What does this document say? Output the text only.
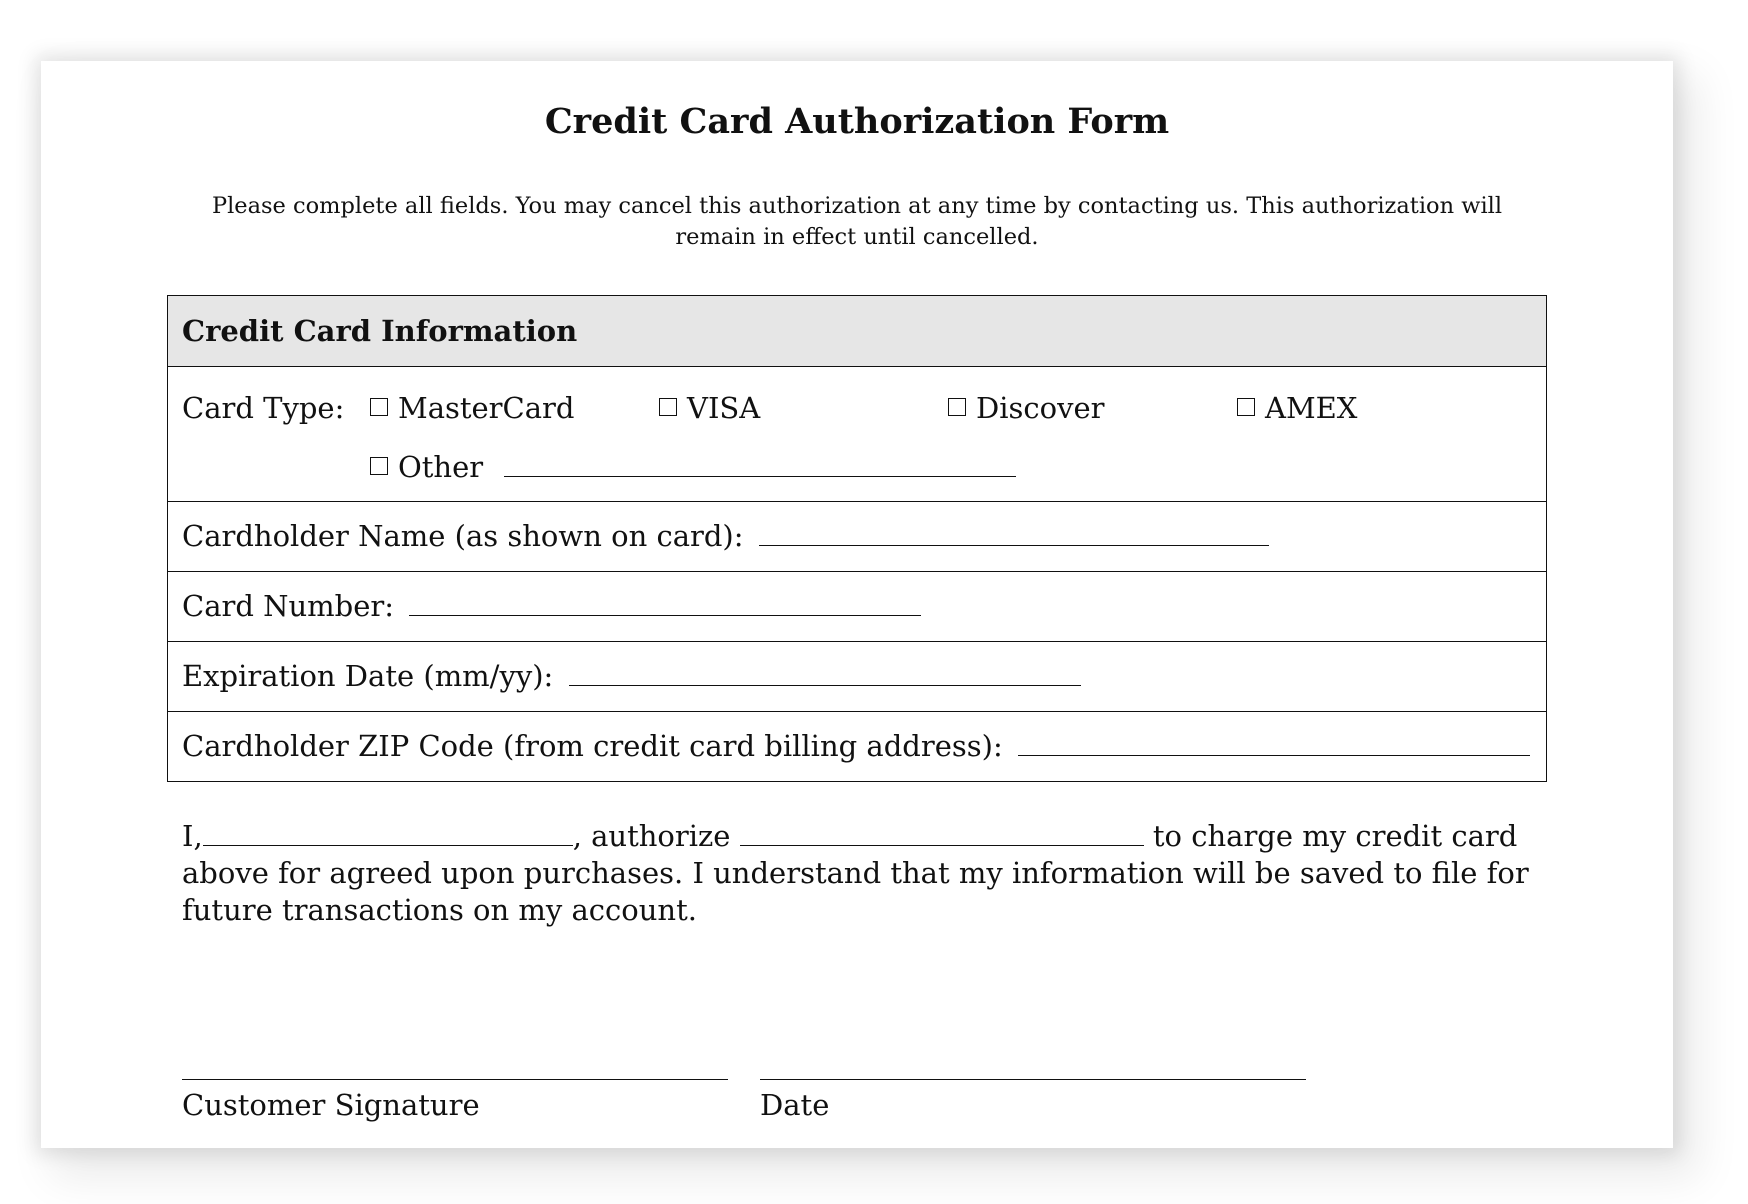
Credit Card Authorization Form
Please complete all fields. You may cancel this authorization at any time by contacting us. This authorization will remain in effect until cancelled.
Credit Card Information
Card Type:	MasterCard	VISA	Discover	AMEX
Other
Cardholder Name (as shown on card):
Card Number:
Expiration Date (mm/yy):
Cardholder ZIP Code (from credit card billing address):
I,	, authorize	to charge my credit card above for agreed upon purchases. I understand that my information will be saved to file for future transactions on my account.
Customer Signature	Date
